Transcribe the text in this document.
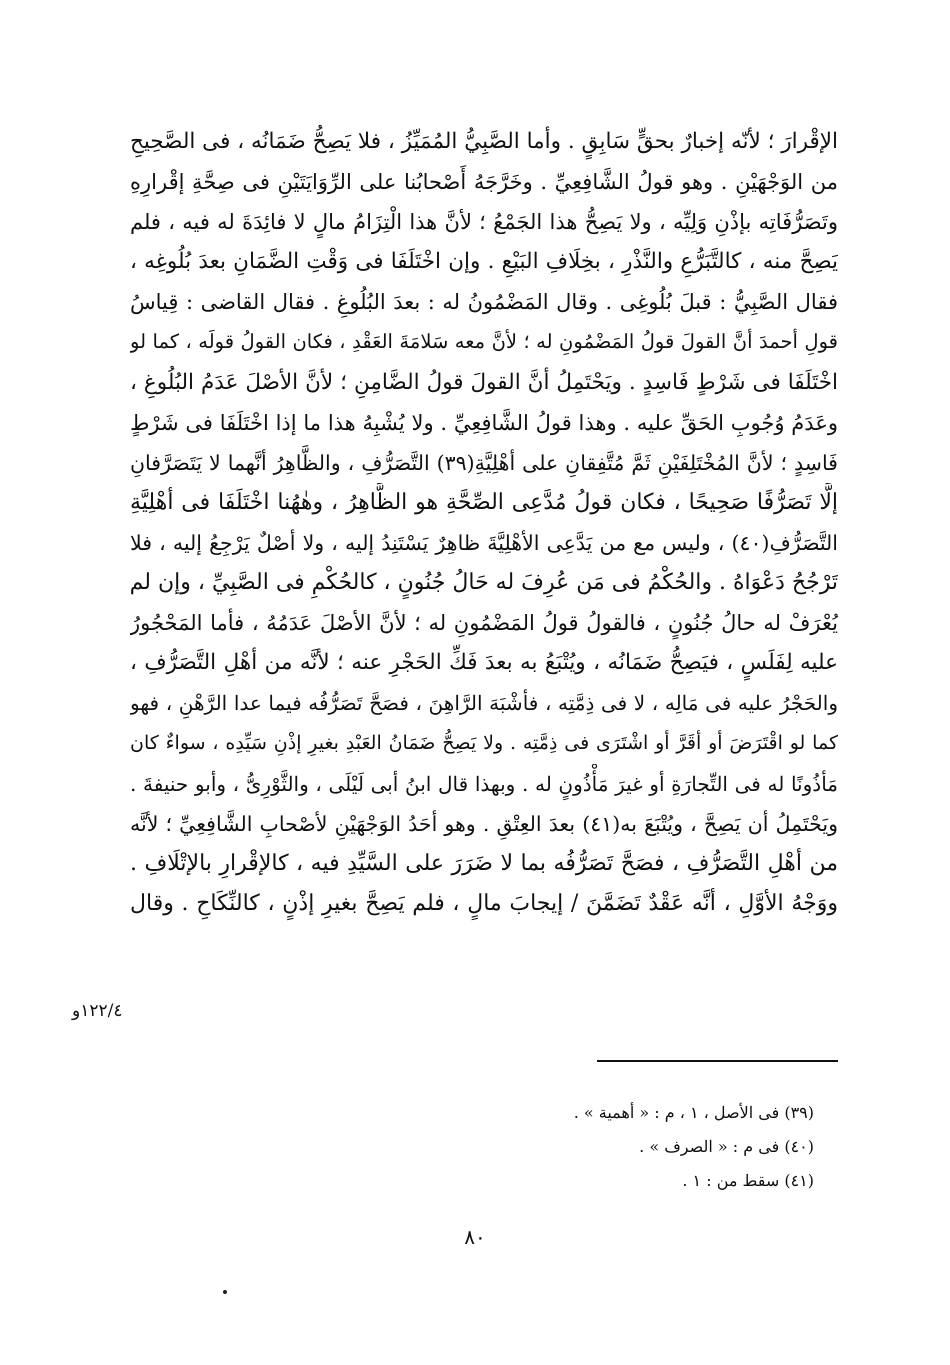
الإقْرارَ ؛ لأنّه إخبارٌ بحقٍّ سَابِقٍ . وأما الصَّبِيُّ المُمَيِّزُ ، فلا يَصِحُّ ضَمَانُه ، فى الصَّحِيحِ
من الوَجْهَيْنِ . وهو قولُ الشَّافِعِيِّ . وخَرَّجَهُ أَصْحابُنا على الرِّوَايَتَيْنِ فى صِحَّةِ إقْرارِهِ
وتَصَرُّفَاتِه بإذْنِ وَلِيِّه ، ولا يَصِحُّ هذا الجَمْعُ ؛ لأنَّ هذا الْتِزَامُ مالٍ لا فائِدَةَ له فيه ، فلم
يَصِحَّ منه ، كالتَّبَرُّعِ والنَّذْرِ ، بخِلَافِ البَيْعِ . وإن اخْتَلَفَا فى وَقْتِ الضَّمَانِ بعدَ بُلُوغِه ،
فقال الصَّبِيُّ : قبلَ بُلُوغِى . وقال المَضْمُونُ له : بعدَ البُلُوغِ . فقال القاضى : قِياسُ
قولِ أحمدَ أنَّ القولَ قولُ المَضْمُونِ له ؛ لأنَّ معه سَلامَةَ العَقْدِ ، فكان القولُ قولَه ، كما لو
اخْتَلَفَا فى شَرْطٍ فَاسِدٍ . ويَحْتَمِلُ أنَّ القولَ قولُ الضَّامِنِ ؛ لأنَّ الأصْلَ عَدَمُ البُلُوغِ ،
وعَدَمُ وُجُوبِ الحَقِّ عليه . وهذا قولُ الشَّافِعِيِّ . ولا يُشْبِهُ هذا ما إذا اخْتَلَفَا فى شَرْطٍ
فَاسِدٍ ؛ لأنَّ المُخْتَلِفَيْنِ ثَمَّ مُتَّفِقانِ على أهْلِيَّةِ(٣٩) التَّصَرُّفِ ، والظَّاهِرُ أنَّهما لا يَتَصَرَّفانِ
إلَّا تَصَرُّفًا صَحِيحًا ، فكان قولُ مُدَّعِى الصِّحَّةِ هو الظَّاهِرُ ، وهٰهُنا اخْتَلَفَا فى أهْلِيَّةِ
التَّصَرُّفِ(٤٠) ، وليس مع من يَدَّعِى الأهْلِيَّةَ ظاهِرٌ يَسْتَنِدُ إليه ، ولا أصْلٌ يَرْجِعُ إليه ، فلا
تَرْجُحُ دَعْوَاهُ . والحُكْمُ فى مَن عُرِفَ له حَالُ جُنُونٍ ، كالحُكْمِ فى الصَّبِيِّ ، وإن لم
يُعْرَفْ له حالُ جُنُونٍ ، فالقولُ قولُ المَضْمُونِ له ؛ لأنَّ الأصْلَ عَدَمُهُ ، فأما المَحْجُورُ
عليه لِفَلَسٍ ، فيَصِحُّ ضَمَانُه ، ويُتْبَعُ به بعدَ فَكِّ الحَجْرِ عنه ؛ لأنَّه من أهْلِ التَّصَرُّفِ ،
والحَجْرُ عليه فى مَالِه ، لا فى ذِمَّتِه ، فأشْبَهَ الرَّاهِنَ ، فصَحَّ تَصَرُّفُه فيما عدا الرَّهْنِ ، فهو
كما لو اقْتَرَضَ أو أقَرَّ أو اشْتَرَى فى ذِمَّتِه . ولا يَصِحُّ ضَمَانُ العَبْدِ بغيرِ إذْنِ سَيِّدِه ، سواءٌ كان
مَأذُونًا له فى التِّجارَةِ أو غيرَ مَأْذُونٍ له . وبهذا قال ابنُ أبى لَيْلَى ، والثَّوْرِىُّ ، وأبو حنيفةَ .
ويَحْتَمِلُ أن يَصِحَّ ، ويُتْبَعَ به(٤١) بعدَ العِتْقِ . وهو أحَدُ الوَجْهَيْنِ لأصْحابِ الشَّافِعِيِّ ؛ لأنَّه
من أهْلِ التَّصَرُّفِ ، فصَحَّ تَصَرُّفُه بما لا ضَرَرَ على السَّيِّدِ فيه ، كالإقْرارِ بالإتْلَافِ .
ووَجْهُ الأوَّلِ ، أنَّه عَقْدٌ تَضَمَّنَ / إيجابَ مالٍ ، فلم يَصِحَّ بغيرِ إذْنٍ ، كالنِّكَاحِ . وقال
١٢٢/٤و
(٣٩) فى الأصل ، ١ ، م : « أهمية » .
(٤٠) فى م : « الصرف » .
(٤١) سقط من : ١ .
٨٠
